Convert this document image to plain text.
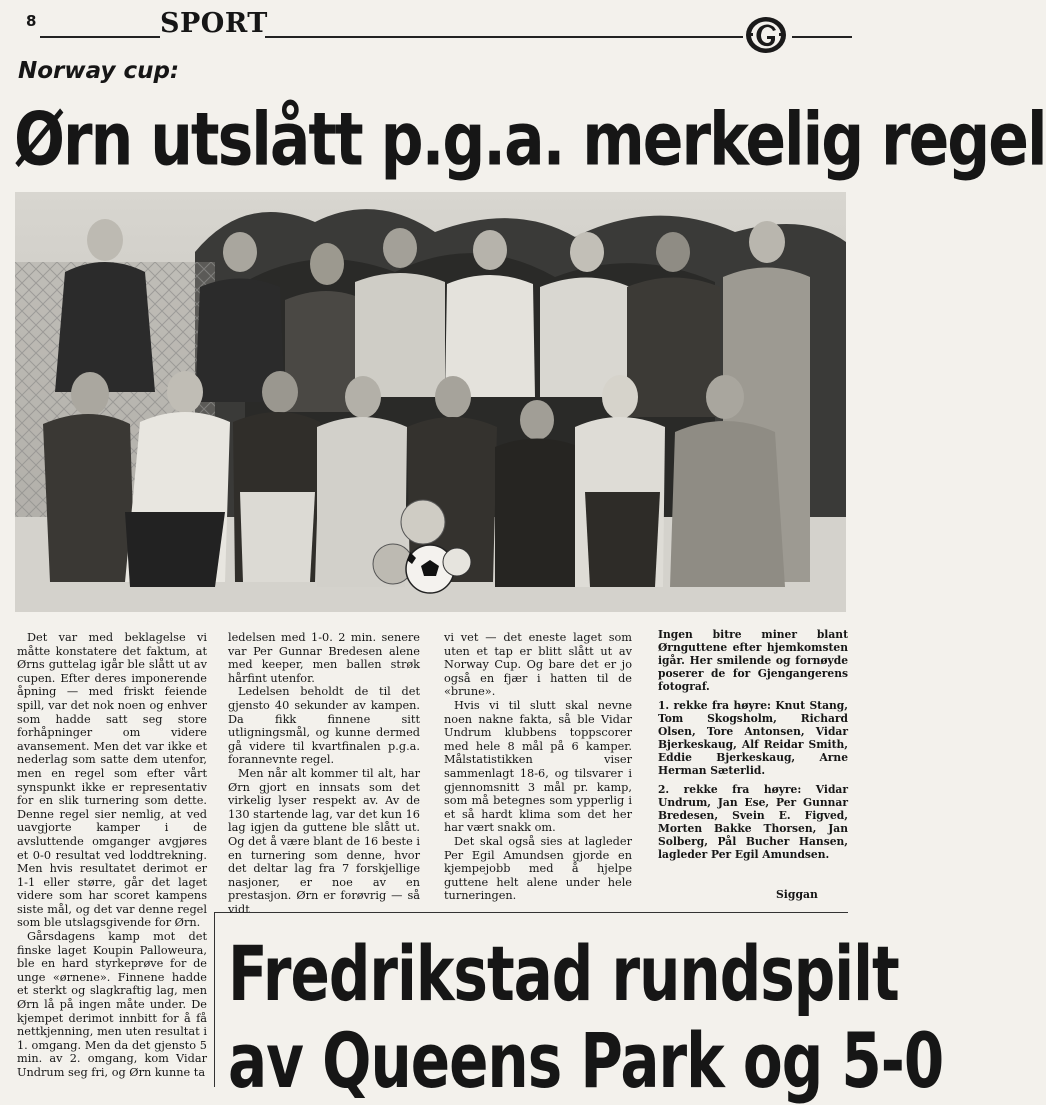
8	SPORT
Norway cup:
Ørn utslått p.g.a. merkelig regel

Det var med beklagelse vi måtte konstatere det faktum, at Ørns guttelag igår ble slått ut av cupen. Efter deres imponerende åpning — med friskt feiende spill, var det nok noen og enhver som hadde satt seg store forhåpninger om videre avansement. Men det var ikke et nederlag som satte dem utenfor, men en regel som efter vårt synspunkt ikke er representativ for en slik turnering som dette. Denne regel sier nemlig, at ved uavgjorte kamper i de avsluttende omganger avgjøres et 0-0 resultat ved loddtrekning. Men hvis resultatet derimot er 1-1 eller større, går det laget videre som har scoret kampens siste mål, og det var denne regel som ble utslagsgivende for Ørn.

Gårsdagens kamp mot det finske laget Koupin Palloweura, ble en hard styrkeprøve for de unge «ørnene». Finnene hadde et sterkt og slagkraftig lag, men Ørn lå på ingen måte under. De kjempet derimot innbitt for å få nettkjenning, men uten resultat i 1. omgang. Men da det gjensto 5 min. av 2. omgang, kom Vidar Undrum seg fri, og Ørn kunne ta

ledelsen med 1-0. 2 min. senere var Per Gunnar Bredesen alene med keeper, men ballen strøk hårfint utenfor.

Ledelsen beholdt de til det gjensto 40 sekunder av kampen. Da fikk finnene sitt utligningsmål, og kunne dermed gå videre til kvartfinalen p.g.a. forannevnte regel.

Men når alt kommer til alt, har Ørn gjort en innsats som det virkelig lyser respekt av. Av de 130 startende lag, var det kun 16 lag igjen da guttene ble slått ut. Og det å være blant de 16 beste i en turnering som denne, hvor det deltar lag fra 7 forskjellige nasjoner, er noe av en prestasjon. Ørn er forøvrig — så vidt

vi vet — det eneste laget som uten et tap er blitt slått ut av Norway Cup. Og bare det er jo også en fjær i hatten til de «brune».

Hvis vi til slutt skal nevne noen nakne fakta, så ble Vidar Undrum klubbens toppscorer med hele 8 mål på 6 kamper. Målstatistikken viser sammenlagt 18-6, og tilsvarer i gjennomsnitt 3 mål pr. kamp, som må betegnes som ypperlig i et så hardt klima som det her har vært snakk om.

Det skal også sies at lagleder Per Egil Amundsen gjorde en kjempejobb med å hjelpe guttene helt alene under hele turneringen.

Ingen bitre miner blant Ørnguttene efter hjemkomsten igår. Her smilende og fornøyde poserer de for Gjengangerens fotograf.

1. rekke fra høyre: Knut Stang, Tom Skogsholm, Richard Olsen, Tore Antonsen, Vidar Bjerkeskaug, Alf Reidar Smith, Eddie Bjerkeskaug, Arne Herman Sæterlid.

2. rekke fra høyre: Vidar Undrum, Jan Ese, Per Gunnar Bredesen, Svein E. Figved, Morten Bakke Thorsen, Jan Solberg, Pål Bucher Hansen, lagleder Per Egil Amundsen.

Siggan
Fredrikstad rundspilt
av Queens Park og 5-0
